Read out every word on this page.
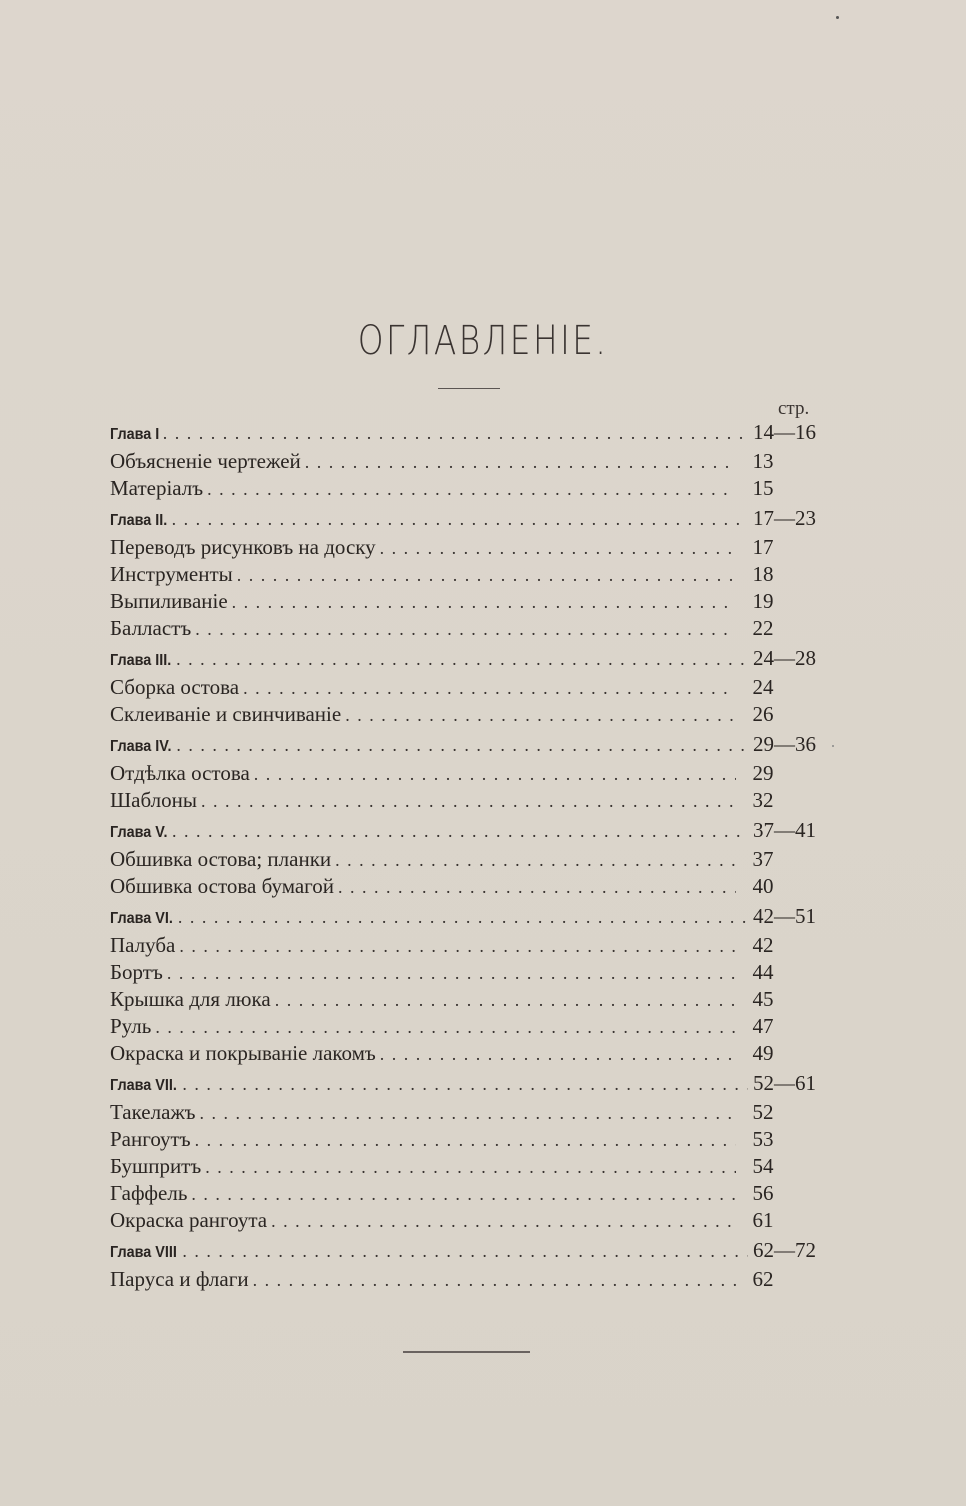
ОГЛАВЛЕНІЕ.
стр.
Глава I . . .	14—16
Объясненіе чертежей . . .	13
Матеріалъ . . .	15
Глава II. . . .	17—23
Переводъ рисунковъ на доску . . .	17
Инструменты . . .	18
Выпиливаніе . . .	19
Балластъ . . .	22
Глава III. . . .	24—28
Сборка остова . . .	24
Склеиваніе и свинчиваніе . . .	26
Глава IV. . . .	29—36
Отдѣлка остова . . .	29
Шаблоны . . .	32
Глава V. . . .	37—41
Обшивка остова; планки . . .	37
Обшивка остова бумагой . . .	40
Глава VI. . . .	42—51
Палуба . . .	42
Бортъ . . .	44
Крышка для люка . . .	45
Руль . . .	47
Окраска и покрываніе лакомъ . . .	49
Глава VII. . . .	52—61
Такелажъ . . .	52
Рангоутъ . . .	53
Бушпритъ . . .	54
Гаффель . . .	56
Окраска рангоута . . .	61
Глава VIII . . .	62—72
Паруса и флаги . . .	62
